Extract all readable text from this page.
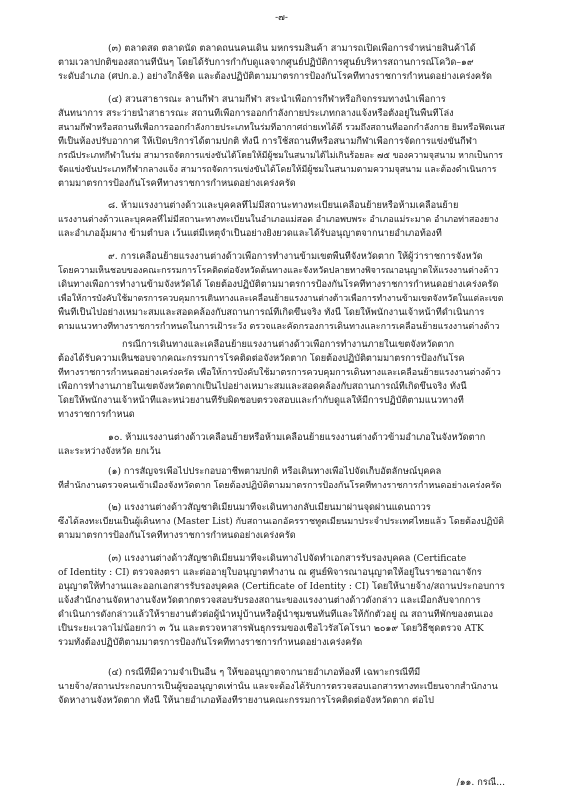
-๗-
(๓) ตลาดสด ตลาดนัด ตลาดถนนคนเดิน มหกรรมสินค้า สามารถเปิดเพื่อการจำหน่ายสินค้าได้
ตามเวลาปกติของสถานที่นั้นๆ โดยได้รับการกำกับดูแลจากศูนย์ปฏิบัติการศูนย์บริหารสถานการณ์โควิด–๑๙
ระดับอำเภอ (ศปก.อ.) อย่างใกล้ชิด และต้องปฏิบัติตามมาตรการป้องกันโรคที่ทางราชการกำหนดอย่างเคร่งครัด
(๔) สวนสาธารณะ ลานกีฬา สนามกีฬา สระน้ำเพื่อการกีฬาหรือกิจกรรมทางน้ำเพื่อการ
สันทนาการ สระว่ายน้ำสาธารณะ สถานที่เพื่อการออกกำลังกายประเภทกลางแจ้งหรือตั้งอยู่ในพื้นที่โล่ง
สนามกีฬาหรือสถานที่เพื่อการออกกำลังกายประเภทในร่มที่อากาศถ่ายเทได้ดี รวมถึงสถานที่ออกกำลังกาย ยิมหรือฟิตเนส
ที่เป็นห้องปรับอากาศ ให้เปิดบริการได้ตามปกติ ทั้งนี้ การใช้สถานที่หรือสนามกีฬาเพื่อการจัดการแข่งขันกีฬา
กรณีประเภทกีฬาในร่ม สามารถจัดการแข่งขันได้โดยให้มีผู้ชมในสนามได้ไม่เกินร้อยละ ๗๕ ของความจุสนาม หากเป็นการ
จัดแข่งขันประเภทกีฬากลางแจ้ง สามารถจัดการแข่งขันได้โดยให้มีผู้ชมในสนามตามความจุสนาม และต้องดำเนินการ
ตามมาตรการป้องกันโรคที่ทางราชการกำหนดอย่างเคร่งครัด
๘. ห้ามแรงงานต่างด้าวและบุคคลที่ไม่มีสถานะทางทะเบียนเคลื่อนย้ายหรือห้ามเคลื่อนย้าย
แรงงานต่างด้าวและบุคคลที่ไม่มีสถานะทางทะเบียนในอำเภอแม่สอด อำเภอพบพระ อำเภอแม่ระมาด อำเภอท่าสองยาง
และอำเภออุ้มผาง ข้ามตำบล เว้นแต่มีเหตุจำเป็นอย่างยิ่งยวดและได้รับอนุญาตจากนายอำเภอท้องที่
๙. การเคลื่อนย้ายแรงงานต่างด้าวเพื่อการทำงานข้ามเขตพื้นที่จังหวัดตาก ให้ผู้ว่าราชการจังหวัด
โดยความเห็นชอบของคณะกรรมการโรคติดต่อจังหวัดต้นทางและจังหวัดปลายทางพิจารณาอนุญาตให้แรงงานต่างด้าว
เดินทางเพื่อการทำงานข้ามจังหวัดได้ โดยต้องปฏิบัติตามมาตรการป้องกันโรคที่ทางราชการกำหนดอย่างเคร่งครัด
เพื่อให้การบังคับใช้มาตรการควบคุมการเดินทางและเคลื่อนย้ายแรงงานต่างด้าวเพื่อการทำงานข้ามเขตจังหวัดในแต่ละเขต
พื้นที่เป็นไปอย่างเหมาะสมและสอดคล้องกับสถานการณ์ที่เกิดขึ้นจริง ทั้งนี้ โดยให้พนักงานเจ้าหน้าที่ดำเนินการ
ตามแนวทางที่ทางราชการกำหนดในการเฝ้าระวัง ตรวจและคัดกรองการเดินทางและการเคลื่อนย้ายแรงงานต่างด้าว
กรณีการเดินทางและเคลื่อนย้ายแรงงานต่างด้าวเพื่อการทำงานภายในเขตจังหวัดตาก
ต้องได้รับความเห็นชอบจากคณะกรรมการโรคติดต่อจังหวัดตาก โดยต้องปฏิบัติตามมาตรการป้องกันโรค
ที่ทางราชการกำหนดอย่างเคร่งครัด เพื่อให้การบังคับใช้มาตรการควบคุมการเดินทางและเคลื่อนย้ายแรงงานต่างด้าว
เพื่อการทำงานภายในเขตจังหวัดตากเป็นไปอย่างเหมาะสมและสอดคล้องกับสถานการณ์ที่เกิดขึ้นจริง ทั้งนี้
โดยให้พนักงานเจ้าหน้าที่และหน่วยงานที่รับผิดชอบตรวจสอบและกำกับดูแลให้มีการปฏิบัติตามแนวทางที่
ทางราชการกำหนด
๑๐. ห้ามแรงงานต่างด้าวเคลื่อนย้ายหรือห้ามเคลื่อนย้ายแรงงานต่างด้าวข้ามอำเภอในจังหวัดตาก
และระหว่างจังหวัด ยกเว้น
(๑) การสัญจรเพื่อไปประกอบอาชีพตามปกติ หรือเดินทางเพื่อไปจัดเก็บอัตลักษณ์บุคคล
ที่สำนักงานตรวจคนเข้าเมืองจังหวัดตาก โดยต้องปฏิบัติตามมาตรการป้องกันโรคที่ทางราชการกำหนดอย่างเคร่งครัด
(๒) แรงงานต่างด้าวสัญชาติเมียนมาที่จะเดินทางกลับเมียนมาผ่านจุดผ่านแดนถาวร
ซึ่งได้ลงทะเบียนเป็นผู้เดินทาง (Master List) กับสถานเอกอัครราชทูตเมียนมาประจำประเทศไทยแล้ว โดยต้องปฏิบัติ
ตามมาตรการป้องกันโรคที่ทางราชการกำหนดอย่างเคร่งครัด
(๓) แรงงานต่างด้าวสัญชาติเมียนมาที่จะเดินทางไปจัดทำเอกสารรับรองบุคคล (Certificate
of Identity : CI) ตรวจลงตรา และต่ออายุใบอนุญาตทำงาน ณ ศูนย์พิจารณาอนุญาตให้อยู่ในราชอาณาจักร
อนุญาตให้ทำงานและออกเอกสารรับรองบุคคล (Certificate of Identity : CI) โดยให้นายจ้าง/สถานประกอบการ
แจ้งสำนักงานจัดหางานจังหวัดตากตรวจสอบรับรองสถานะของแรงงานต่างด้าวดังกล่าว และเมื่อกลับจากการ
ดำเนินการดังกล่าวแล้วให้รายงานตัวต่อผู้นำหมู่บ้านหรือผู้นำชุมชนทันทีและให้กักตัวอยู่ ณ สถานที่พักของตนเอง
เป็นระยะเวลาไม่น้อยกว่า ๓ วัน และตรวจหาสารพันธุกรรมของเชื้อไวรัสโคโรนา ๒๐๑๙ โดยวิธีชุดตรวจ ATK
รวมทั้งต้องปฏิบัติตามมาตรการป้องกันโรคที่ทางราชการกำหนดอย่างเคร่งครัด
(๔) กรณีที่มีความจำเป็นอื่น ๆ ให้ขออนุญาตจากนายอำเภอท้องที่ เฉพาะกรณีที่มี
นายจ้าง/สถานประกอบการเป็นผู้ขออนุญาตเท่านั้น และจะต้องได้รับการตรวจสอบเอกสารทางทะเบียนจากสำนักงาน
จัดหางานจังหวัดตาก ทั้งนี้ ให้นายอำเภอท้องที่รายงานคณะกรรมการโรคติดต่อจังหวัดตาก ต่อไป
/๑๑. กรณี...
